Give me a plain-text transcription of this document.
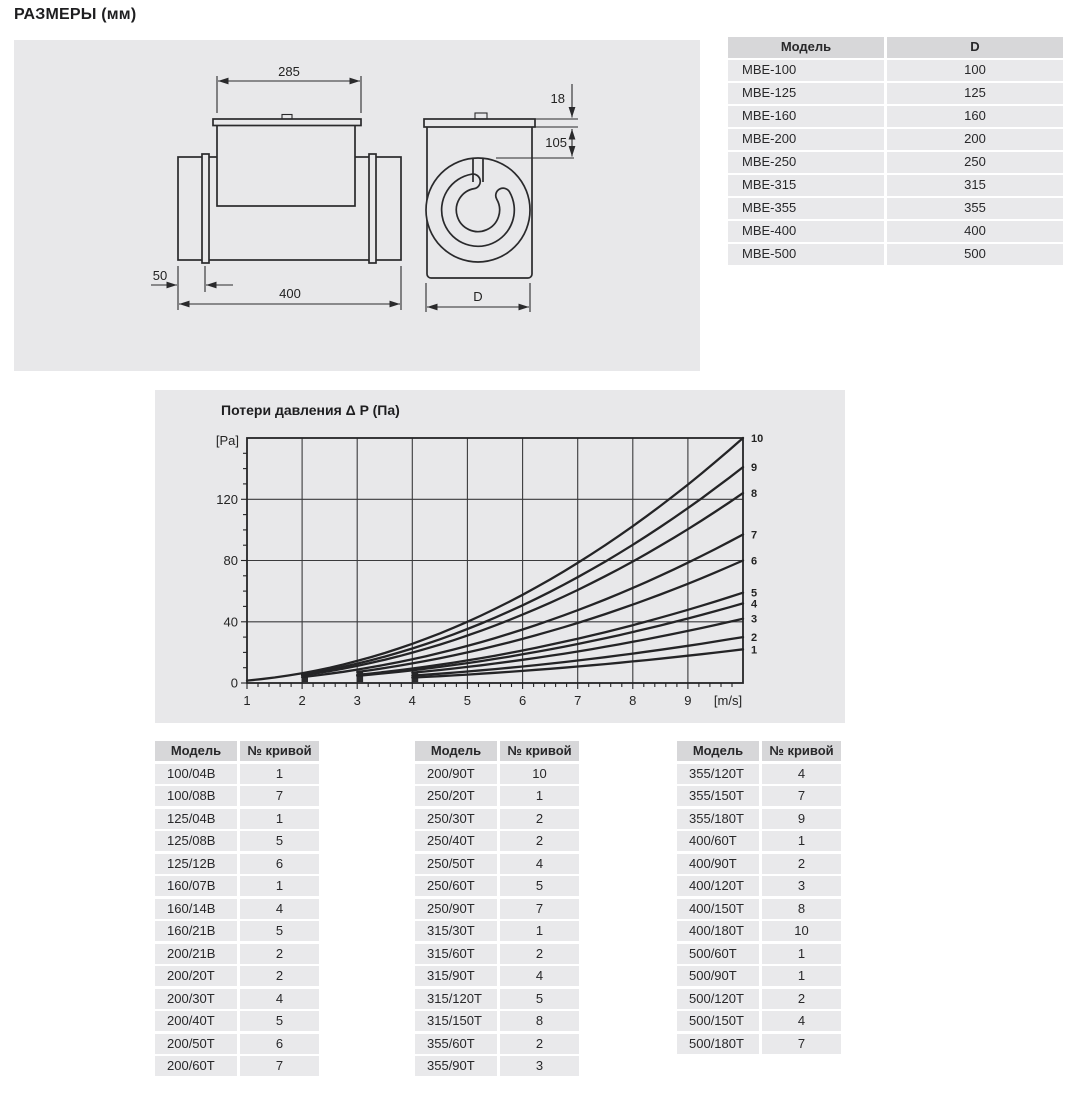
РАЗМЕРЫ (мм)
285
50
400
18
105
D
Модель	D
МВЕ-100	100
МВЕ-125	125
МВЕ-160	160
МВЕ-200	200
МВЕ-250	250
МВЕ-315	315
МВЕ-355	355
МВЕ-400	400
МВЕ-500	500
Потери давления Δ P (Па)
1	2	3	4	5	6	7	8	9
0
40
80
120
1
2
3
4
5
6
7
8
9
10
[Pa]
[m/s]
Модель	№ кривой
100/04В	1
100/08В	7
125/04В	1
125/08В	5
125/12В	6
160/07В	1
160/14В	4
160/21В	5
200/21В	2
200/20Т	2
200/30Т	4
200/40Т	5
200/50Т	6
200/60Т	7
Модель	№ кривой
200/90Т	10
250/20Т	1
250/30Т	2
250/40Т	2
250/50Т	4
250/60Т	5
250/90Т	7
315/30Т	1
315/60Т	2
315/90Т	4
315/120Т	5
315/150Т	8
355/60Т	2
355/90Т	3
Модель	№ кривой
355/120Т	4
355/150Т	7
355/180Т	9
400/60Т	1
400/90Т	2
400/120Т	3
400/150Т	8
400/180Т	10
500/60Т	1
500/90Т	1
500/120Т	2
500/150Т	4
500/180Т	7
